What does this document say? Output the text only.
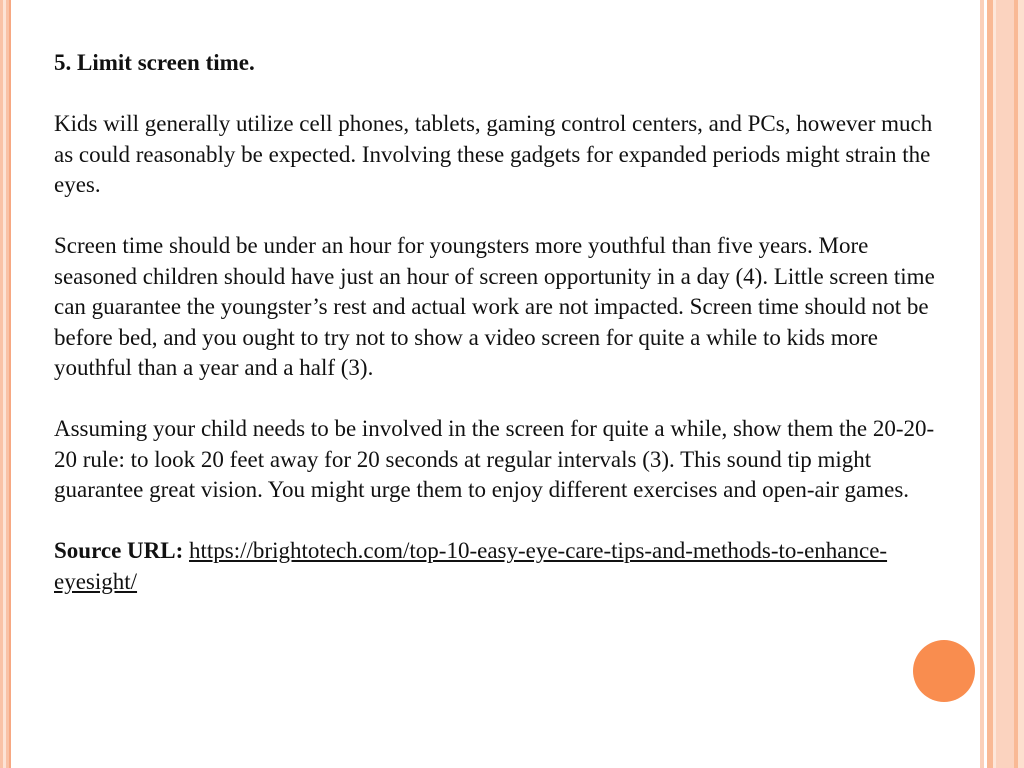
5. Limit screen time.

Kids will generally utilize cell phones, tablets, gaming control centers, and PCs, however much as could reasonably be expected. Involving these gadgets for expanded periods might strain the eyes.

Screen time should be under an hour for youngsters more youthful than five years. More seasoned children should have just an hour of screen opportunity in a day (4). Little screen time can guarantee the youngster’s rest and actual work are not impacted. Screen time should not be before bed, and you ought to try not to show a video screen for quite a while to kids more youthful than a year and a half (3).

Assuming your child needs to be involved in the screen for quite a while, show them the 20-20-20 rule: to look 20 feet away for 20 seconds at regular intervals (3). This sound tip might guarantee great vision. You might urge them to enjoy different exercises and open-air games.

Source URL: https://brightotech.com/top-10-easy-eye-care-tips-and-methods-to-enhance-eyesight/
